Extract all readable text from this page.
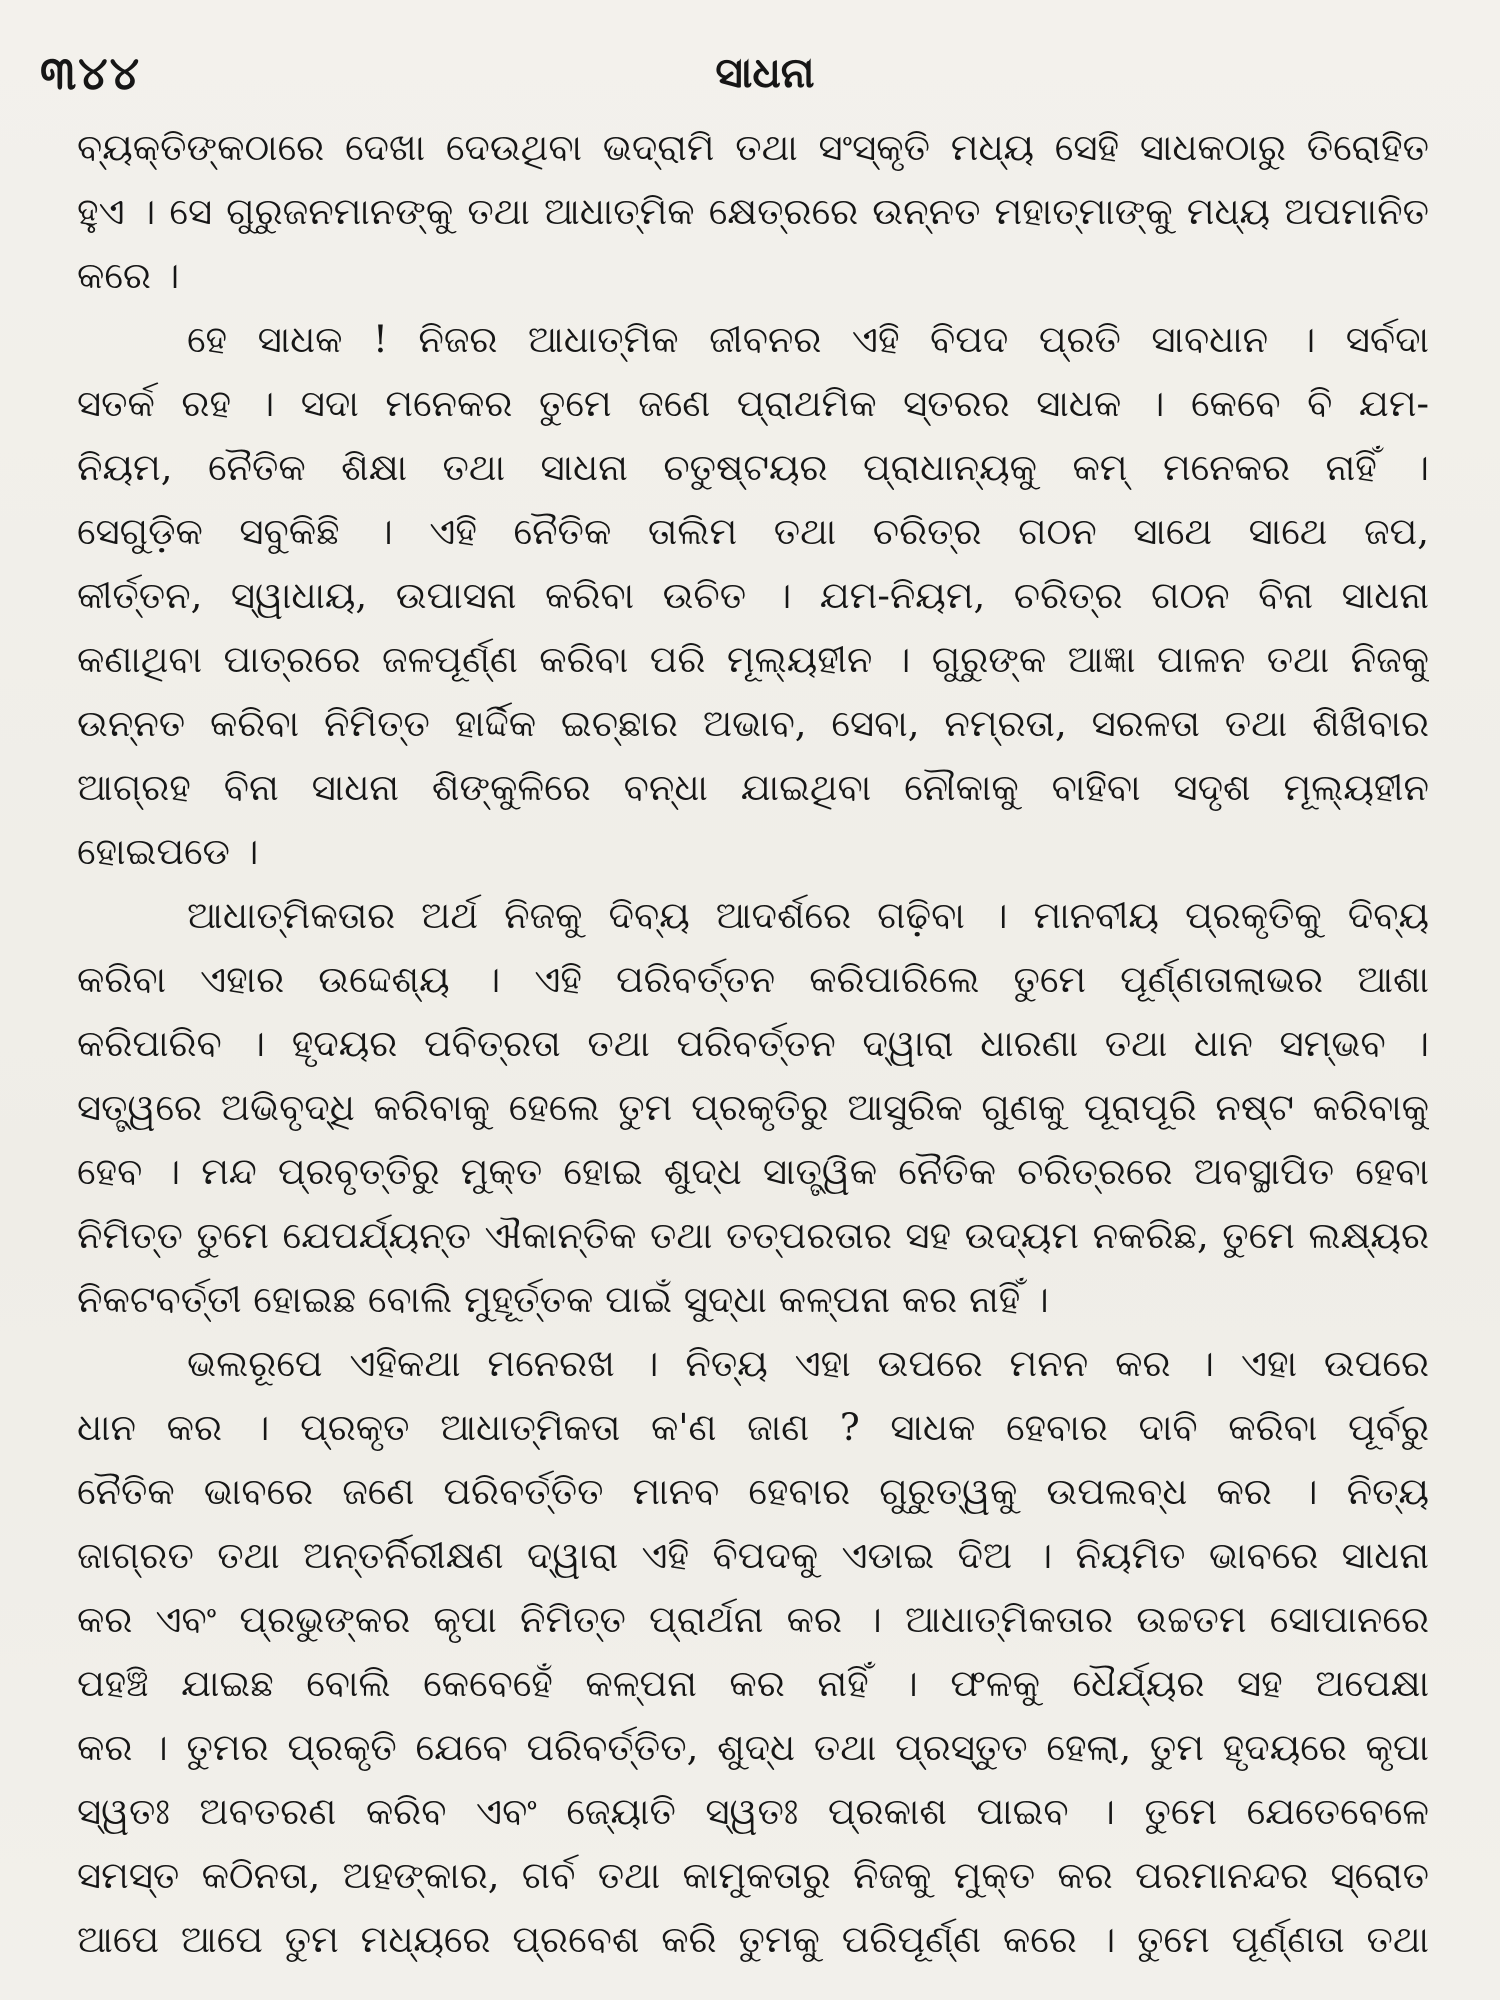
୩୪୪	ସାଧନା
ବ୍ୟକ୍ତିଙ୍କଠାରେ ଦେଖା ଦେଉଥିବା ଭଦ୍ରାମି ତଥା ସଂସ୍କୃତି ମଧ୍ୟ ସେହି ସାଧକଠାରୁ ତିରୋହିତ
ହୁଏ । ସେ ଗୁରୁଜନମାନଙ୍କୁ ତଥା ଆଧାତ୍ମିକ କ୍ଷେତ୍ରରେ ଉନ୍ନତ ମହାତ୍ମାଙ୍କୁ ମଧ୍ୟ ଅପମାନିତ
କରେ ।
ହେ ସାଧକ ! ନିଜର ଆଧାତ୍ମିକ ଜୀବନର ଏହି ବିପଦ ପ୍ରତି ସାବଧାନ । ସର୍ବଦା
ସତର୍କ ରହ । ସଦା ମନେକର ତୁମେ ଜଣେ ପ୍ରାଥମିକ ସ୍ତରର ସାଧକ । କେବେ ବି ଯମ-
ନିୟମ, ନୈତିକ ଶିକ୍ଷା ତଥା ସାଧନା ଚତୁଷ୍ଟୟର ପ୍ରାଧାନ୍ୟକୁ କମ୍ ମନେକର ନାହିଁ ।
ସେଗୁଡ଼ିକ ସବୁକିଛି । ଏହି ନୈତିକ ତାଲିମ ତଥା ଚରିତ୍ର ଗଠନ ସାଥେ ସାଥେ ଜପ,
କୀର୍ତ୍ତନ, ସ୍ୱାଧାୟ, ଉପାସନା କରିବା ଉଚିତ । ଯମ-ନିୟମ, ଚରିତ୍ର ଗଠନ ବିନା ସାଧନା
କଣାଥିବା ପାତ୍ରରେ ଜଳପୂର୍ଣ୍ଣ କରିବା ପରି ମୂଲ୍ୟହୀନ । ଗୁରୁଙ୍କ ଆଜ୍ଞା ପାଳନ ତଥା ନିଜକୁ
ଉନ୍ନତ କରିବା ନିମିତ୍ତ ହାର୍ଦ୍ଦିକ ଇଚ୍ଛାର ଅଭାବ, ସେବା, ନମ୍ରତା, ସରଳତା ତଥା ଶିଖିବାର
ଆଗ୍ରହ ବିନା ସାଧନା ଶିଙ୍କୁଳିରେ ବନ୍ଧା ଯାଇଥିବା ନୌକାକୁ ବାହିବା ସଦୃଶ ମୂଲ୍ୟହୀନ
ହୋଇପଡେ ।
ଆଧାତ୍ମିକତାର ଅର୍ଥ ନିଜକୁ ଦିବ୍ୟ ଆଦର୍ଶରେ ଗଢ଼ିବା । ମାନବୀୟ ପ୍ରକୃତିକୁ ଦିବ୍ୟ
କରିବା ଏହାର ଉଦ୍ଦେଶ୍ୟ । ଏହି ପରିବର୍ତ୍ତନ କରିପାରିଲେ ତୁମେ ପୂର୍ଣ୍ଣତାଲାଭର ଆଶା
କରିପାରିବ । ହୃଦୟର ପବିତ୍ରତା ତଥା ପରିବର୍ତ୍ତନ ଦ୍ୱାରା ଧାରଣା ତଥା ଧାନ ସମ୍ଭବ ।
ସତ୍ତ୍ୱରେ ଅଭିବୃଦ୍ଧି କରିବାକୁ ହେଲେ ତୁମ ପ୍ରକୃତିରୁ ଆସୁରିକ ଗୁଣକୁ ପୂରାପୂରି ନଷ୍ଟ କରିବାକୁ
ହେବ । ମନ୍ଦ ପ୍ରବୃତ୍ତିରୁ ମୁକ୍ତ ହୋଇ ଶୁଦ୍ଧ ସାତ୍ତ୍ୱିକ ନୈତିକ ଚରିତ୍ରରେ ଅବସ୍ଥାପିତ ହେବା
ନିମିତ୍ତ ତୁମେ ଯେପର୍ଯ୍ୟନ୍ତ ଐକାନ୍ତିକ ତଥା ତତ୍ପରତାର ସହ ଉଦ୍ୟମ ନକରିଛ, ତୁମେ ଲକ୍ଷ୍ୟର
ନିକଟବର୍ତ୍ତୀ ହୋଇଛ ବୋଲି ମୁହୂର୍ତ୍ତକ ପାଇଁ ସୁଦ୍ଧା କଳ୍ପନା କର ନାହିଁ ।
ଭଲରୂପେ ଏହିକଥା ମନେରଖ । ନିତ୍ୟ ଏହା ଉପରେ ମନନ କର । ଏହା ଉପରେ
ଧାନ କର । ପ୍ରକୃତ ଆଧାତ୍ମିକତା କ'ଣ ଜାଣ ? ସାଧକ ହେବାର ଦାବି କରିବା ପୂର୍ବରୁ
ନୈତିକ ଭାବରେ ଜଣେ ପରିବର୍ତ୍ତିତ ମାନବ ହେବାର ଗୁରୁତ୍ୱକୁ ଉପଲବ୍ଧ କର । ନିତ୍ୟ
ଜାଗ୍ରତ ତଥା ଅନ୍ତର୍ନିରୀକ୍ଷଣ ଦ୍ୱାରା ଏହି ବିପଦକୁ ଏଡାଇ ଦିଅ । ନିୟମିତ ଭାବରେ ସାଧନା
କର ଏବଂ ପ୍ରଭୁଙ୍କର କୃପା ନିମିତ୍ତ ପ୍ରାର୍ଥନା କର । ଆଧାତ୍ମିକତାର ଉଚ୍ଚତମ ସୋପାନରେ
ପହଞ୍ଚି ଯାଇଛ ବୋଲି କେବେହେଁ କଳ୍ପନା କର ନାହିଁ । ଫଳକୁ ଧୈର୍ଯ୍ୟର ସହ ଅପେକ୍ଷା
କର । ତୁମର ପ୍ରକୃତି ଯେବେ ପରିବର୍ତ୍ତିତ, ଶୁଦ୍ଧ ତଥା ପ୍ରସ୍ତୁତ ହେଲା, ତୁମ ହୃଦୟରେ କୃପା
ସ୍ୱତଃ ଅବତରଣ କରିବ ଏବଂ ଜ୍ୟୋତି ସ୍ୱତଃ ପ୍ରକାଶ ପାଇବ । ତୁମେ ଯେତେବେଳେ
ସମସ୍ତ କଠିନତା, ଅହଙ୍କାର, ଗର୍ବ ତଥା କାମୁକତାରୁ ନିଜକୁ ମୁକ୍ତ କର ପରମାନନ୍ଦର ସ୍ରୋତ
ଆପେ ଆପେ ତୁମ ମଧ୍ୟରେ ପ୍ରବେଶ କରି ତୁମକୁ ପରିପୂର୍ଣ୍ଣ କରେ । ତୁମେ ପୂର୍ଣ୍ଣତା ତଥା
